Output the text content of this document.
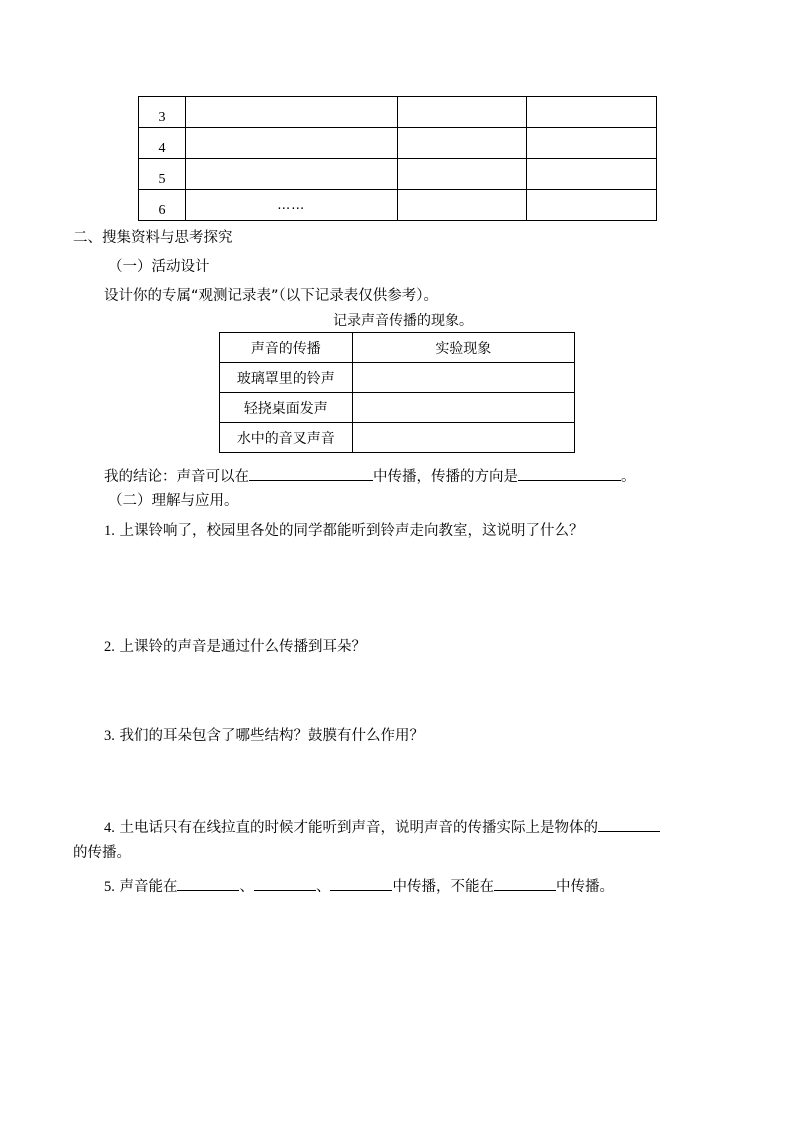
3			
4			
5			
6	……		
二、搜集资料与思考探究
（一）活动设计
设计你的专属“观测记录表”（以下记录表仅供参考）。
记录声音传播的现象。
声音的传播	实验现象
玻璃罩里的铃声	
轻挠桌面发声	
水中的音叉声音	
我的结论：声音可以在	中传播，传播的方向是	。
（二）理解与应用。
1. 上课铃响了，校园里各处的同学都能听到铃声走向教室，这说明了什么？
2. 上课铃的声音是通过什么传播到耳朵？
3. 我们的耳朵包含了哪些结构？鼓膜有什么作用？
4. 土电话只有在线拉直的时候才能听到声音，说明声音的传播实际上是物体的
的传播。
5. 声音能在	、	、	中传播，不能在	中传播。
